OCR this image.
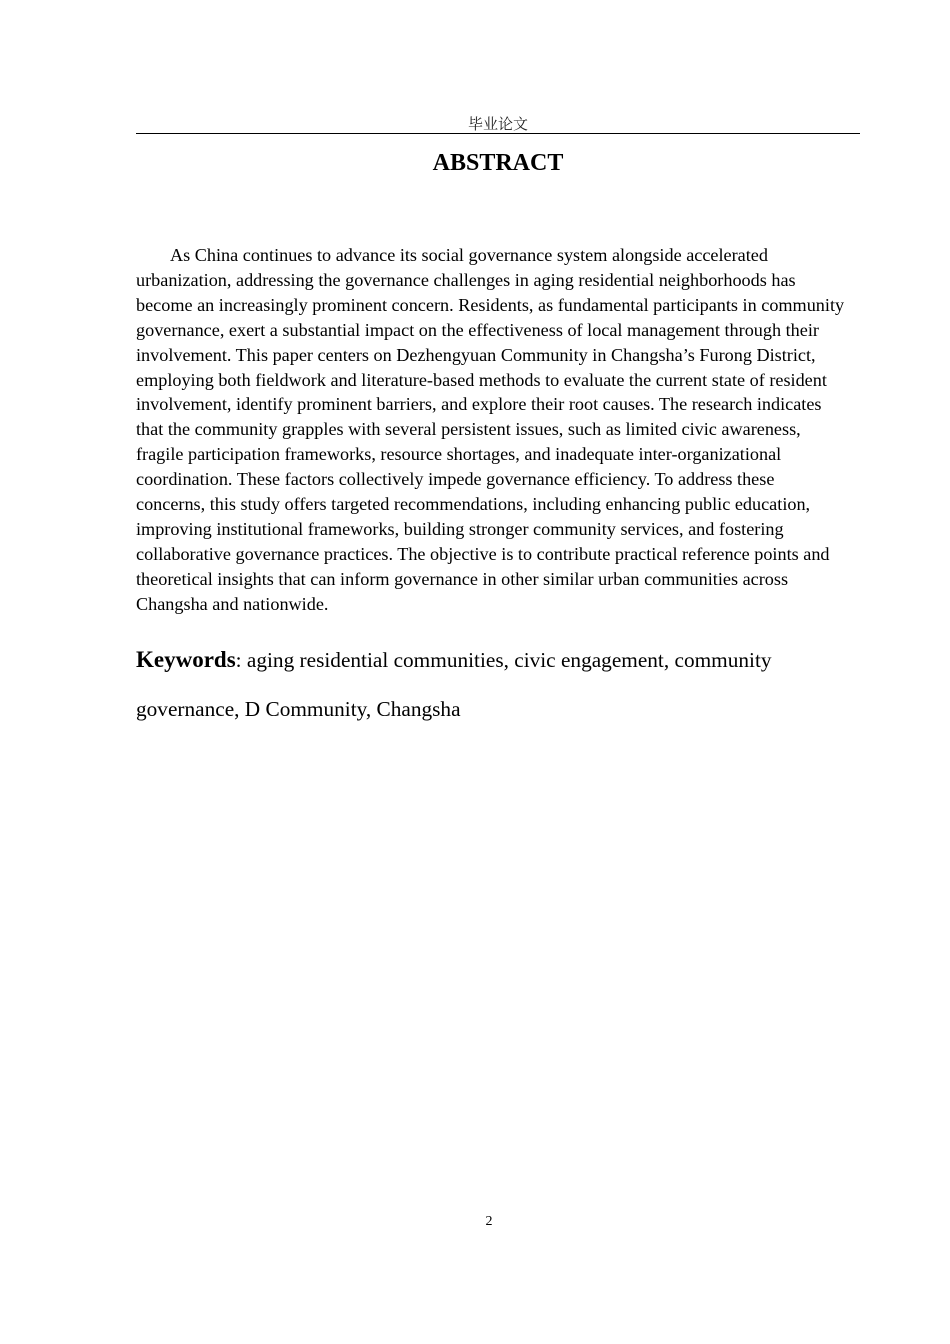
毕业论文
ABSTRACT

As China continues to advance its social governance system alongside accelerated urbanization, addressing the governance challenges in aging residential neighborhoods has become an increasingly prominent concern. Residents, as fundamental participants in community governance, exert a substantial impact on the effectiveness of local management through their involvement. This paper centers on Dezhengyuan Community in Changsha’s Furong District, employing both fieldwork and literature-based methods to evaluate the current state of resident involvement, identify prominent barriers, and explore their root causes. The research indicates that the community grapples with several persistent issues, such as limited civic awareness, fragile participation frameworks, resource shortages, and inadequate inter-organizational coordination. These factors collectively impede governance efficiency. To address these concerns, this study offers targeted recommendations, including enhancing public education, improving institutional frameworks, building stronger community services, and fostering collaborative governance practices. The objective is to contribute practical reference points and theoretical insights that can inform governance in other similar urban communities across Changsha and nationwide.

Keywords: aging residential communities, civic engagement, community governance, D Community, Changsha

2
